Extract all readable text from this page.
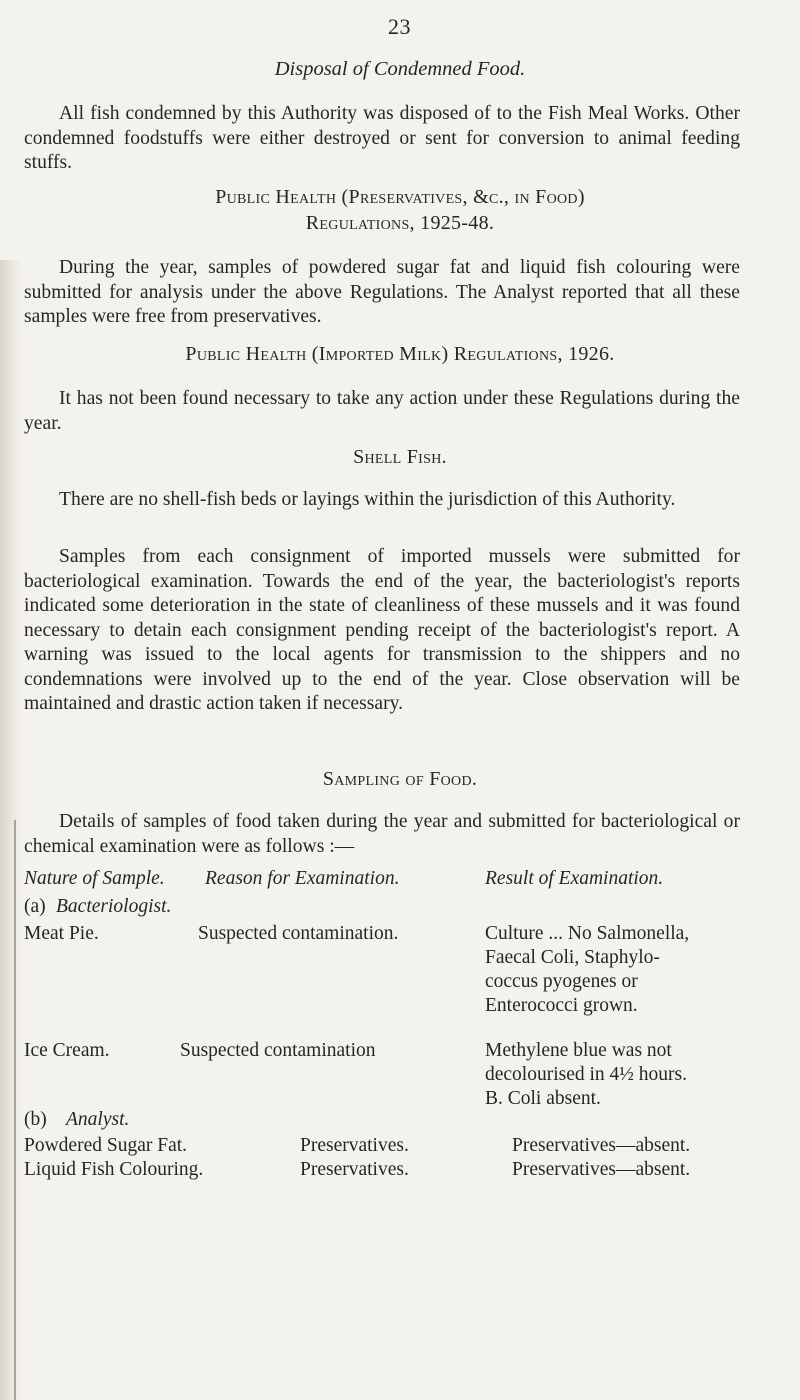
23
Disposal of Condemned Food.
All fish condemned by this Authority was disposed of to the Fish Meal Works. Other condemned foodstuffs were either destroyed or sent for conversion to animal feeding stuffs.
Public Health (Preservatives, &c., in Food)
Regulations, 1925-48.
During the year, samples of powdered sugar fat and liquid fish colouring were submitted for analysis under the above Regulations. The Analyst reported that all these samples were free from preservatives.
Public Health (Imported Milk) Regulations, 1926.
It has not been found necessary to take any action under these Regulations during the year.
Shell Fish.
There are no shell-fish beds or layings within the jurisdiction of this Authority.
Samples from each consignment of imported mussels were submitted for bacteriological examination. Towards the end of the year, the bacteriologist's reports indicated some deterioration in the state of cleanliness of these mussels and it was found necessary to detain each consignment pending receipt of the bacteriologist's report. A warning was issued to the local agents for transmission to the shippers and no condemnations were involved up to the end of the year. Close observation will be maintained and drastic action taken if necessary.
Sampling of Food.
Details of samples of food taken during the year and submitted for bacteriological or chemical examination were as follows :—
Nature of Sample. Reason for Examination.	Result of Examination.
(a) Bacteriologist.
Meat Pie.	Suspected contamination.	Culture ... No Salmonella,
Faecal Coli, Staphylo-
coccus pyogenes or
Enterococci grown.
Ice Cream.	Suspected contamination	Methylene blue was not
decolourised in 4½ hours.
B. Coli absent.
(b) Analyst.
Powdered Sugar Fat.	Preservatives.	Preservatives—absent.
Liquid Fish Colouring.	Preservatives.	Preservatives—absent.
